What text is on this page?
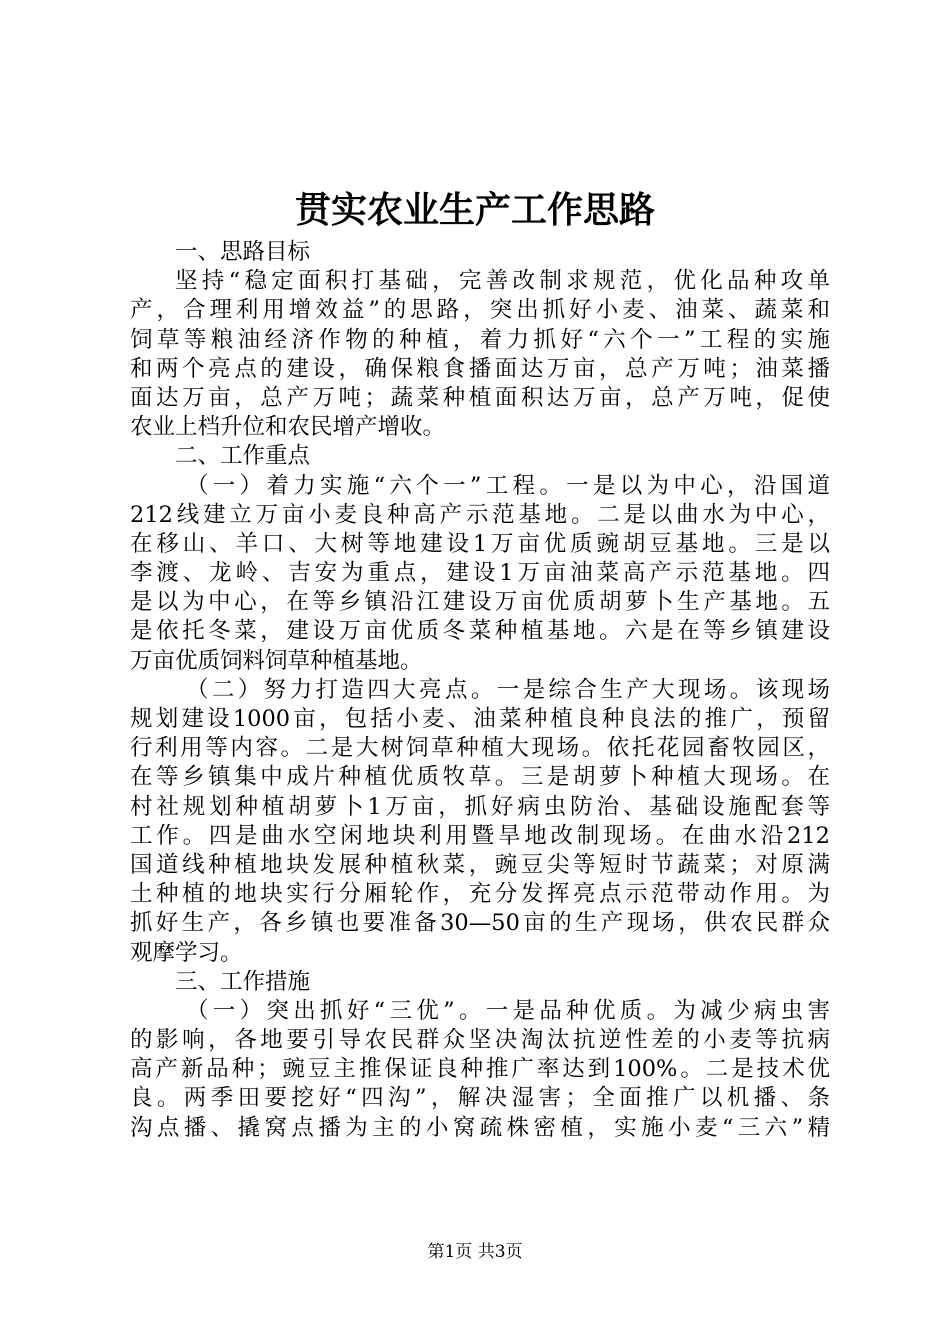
贯实农业生产工作思路
一、思路目标
坚持“稳定面积打基础，完善改制求规范，优化品种攻单
产，合理利用增效益”的思路，突出抓好小麦、油菜、蔬菜和
饲草等粮油经济作物的种植，着力抓好“六个一”工程的实施
和两个亮点的建设，确保粮食播面达万亩，总产万吨；油菜播
面达万亩，总产万吨；蔬菜种植面积达万亩，总产万吨，促使
农业上档升位和农民增产增收。
二、工作重点
（一）着力实施“六个一”工程。一是以为中心，沿国道
212线建立万亩小麦良种高产示范基地。二是以曲水为中心，
在移山、羊口、大树等地建设1万亩优质豌胡豆基地。三是以
李渡、龙岭、吉安为重点，建设1万亩油菜高产示范基地。四
是以为中心，在等乡镇沿江建设万亩优质胡萝卜生产基地。五
是依托冬菜，建设万亩优质冬菜种植基地。六是在等乡镇建设
万亩优质饲料饲草种植基地。
（二）努力打造四大亮点。一是综合生产大现场。该现场
规划建设1000亩，包括小麦、油菜种植良种良法的推广，预留
行利用等内容。二是大树饲草种植大现场。依托花园畜牧园区，
在等乡镇集中成片种植优质牧草。三是胡萝卜种植大现场。在
村社规划种植胡萝卜1万亩，抓好病虫防治、基础设施配套等
工作。四是曲水空闲地块利用暨旱地改制现场。在曲水沿212
国道线种植地块发展种植秋菜，豌豆尖等短时节蔬菜；对原满
土种植的地块实行分厢轮作，充分发挥亮点示范带动作用。为
抓好生产，各乡镇也要准备30—50亩的生产现场，供农民群众
观摩学习。
三、工作措施
（一）突出抓好“三优”。一是品种优质。为减少病虫害
的影响，各地要引导农民群众坚决淘汰抗逆性差的小麦等抗病
高产新品种；豌豆主推保证良种推广率达到100%。二是技术优
良。两季田要挖好“四沟”，解决湿害；全面推广以机播、条
沟点播、撬窝点播为主的小窝疏株密植，实施小麦“三六”精
第1页 共3页
